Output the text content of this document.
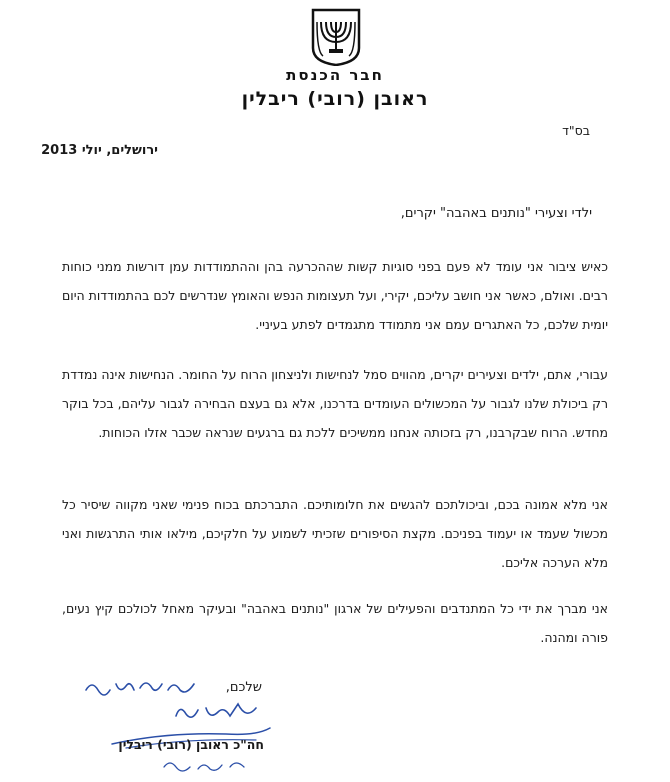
חבר הכנסת
ראובן (רובי) ריבלין
בס"ד
ירושלים, יולי 2013
ילדי וצעירי "נותנים באהבה" יקרים,
כאיש ציבור אני עומד לא פעם בפני סוגיות קשות שההכרעה בהן וההתמודדות עמן דורשות ממני כוחות רבים. ואולם, כאשר אני חושב עליכם, יקירי, ועל תעצומות הנפש והאומץ שנדרשים לכם בהתמודדות היום יומית שלכם, כל האתגרים עמם אני מתמודד מתגמדים לפתע בעיניי.
עבורי, אתם, ילדים וצעירים יקרים, מהווים סמל לנחישות ולניצחון הרוח על החומר. הנחישות אינה נמדדת רק ביכולת שלנו לגבור על המכשולים העומדים בדרכנו, אלא גם בעצם הבחירה לגבור עליהם, בכל בוקר מחדש. הרוח שבקרבנו, רק בזכותה אנחנו ממשיכים ללכת גם ברגעים שנראה שכבר אזלו הכוחות.
אני מלא אמונה בכם, וביכולתכם להגשים את חלומותיכם. התברכתם בכוח פנימי שאני מקווה שיסיר כל מכשול שעמד או יעמוד בפניכם. מקצת הסיפורים שזכיתי לשמוע על חלקיכם, מילאו אותי התרגשות ואני מלא הערכה אליכם.
אני מברך את ידי כל המתנדבים והפעילים של ארגון "נותנים באהבה" ובעיקר מאחל לכולכם קיץ נעים, פורה ומהנה.
שלכם,
חה"כ ראובן (רובי) ריבלין
